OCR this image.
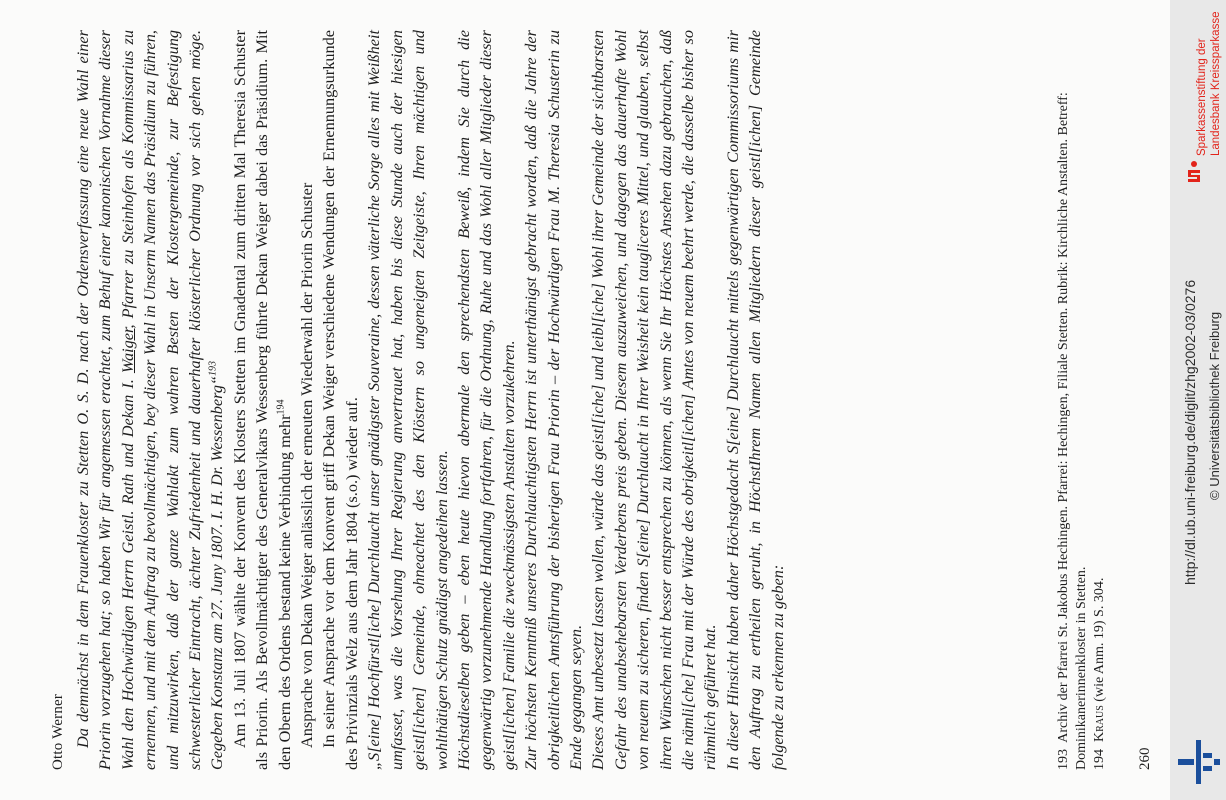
Otto Werner Da demnächst in dem Frauenkloster zu Stetten O. S. D. nach der Ordensverfassung eine neue Wahl einer Priorin vorzugehen hat; so haben Wir für angemessen erachtet, zum Behuf einer kanonischen Vornahme dieser Wahl den Hochwürdigen Herrn Geistl. Rath und Dekan I. Waiger, Pfarrer zu Steinhofen als Kommissarius zu ernennen, und mit dem Auftrag zu bevollmächtigen, bey dieser Wahl in Unserm Namen das Präsidium zu führen, und mitzuwirken, daß der ganze Wahlakt zum wahren Besten der Klostergemeinde, zur Befestigung schwesterlicher Eintracht, ächter Zufriedenheit und dauerhafter klösterlicher Ordnung vor sich gehen möge. Gegeben Konstanz am 27. Juny 1807. I. H. Dr. Wessenberg“$^{193}$ Am 13. Juli 1807 wählte der Konvent des Klosters Stetten im Gnadental zum dritten Mal Theresia Schuster als Priorin. Als Bevollmächtigter des Generalvikars Wessenberg führte Dekan Weiger dabei das Präsidium. Mit den Obern des Ordens bestand keine Verbindung mehr$^{194}$ Ansprache von Dekan Weiger anlässlich der erneuten Wiederwahl der Priorin Schuster In seiner Ansprache vor dem Konvent griff Dekan Weiger verschiedene Wendungen der Ernennungsurkunde des Privinzials Welz aus dem Jahr 1804 (s.o.) wieder auf. „S[eine] Hochfürstl[iche] Durchlaucht unser gnädigster Souveraine, dessen väterliche Sorge alles mit Weißheit umfasset, was die Vorsehung Ihrer Regierung anvertrauet hat, haben bis diese Stunde auch der hiesigen geistl[ichen] Gemeinde, ohneachtet des den Klöstern so ungeneigten Zeitgeiste, Ihren mächtigen und wohlthätigen Schutz gnädigst angedeihen lassen. Höchstdieselben geben – eben heute hievon abermale den sprechendsten Beweiß, indem Sie durch die gegenwärtig vorzunehmende Handlung fortfahren, für die Ordnung, Ruhe und das Wohl aller Mitglieder dieser geistl[ichen] Familie die zweckmässigsten Anstalten vorzukehren. Zur höchsten Kenntniß unseres Durchlauchtigsten Herrn ist unterthänigst gebracht worden, daß die Jahre der obrigkeitlichen Amtsführung der bisherigen Frau Priorin – der Hochwürdigen Frau M. Theresia Schusterin zu Ende gegangen seyen. Dieses Amt unbesetzt lassen wollen, würde das geistl[iche] und leibl[iche] Wohl ihrer Gemeinde der sichtbarsten Gefahr des unabsehebarsten Verderbens preis geben. Diesem auszuweichen, und dagegen das dauerhafte Wohl von neuem zu sicheren, finden S[eine] Durchlaucht in Ihrer Weisheit kein taugliceres Mittel, und glauben, selbst ihren Wünschen nicht besser entsprechen zu können, als wenn Sie Ihr Höchstes Ansehen dazu gebrauchen, daß die nämli[che] Frau mit der Würde des obrigkeitl[ichen] Amtes von neuem beehrt werde, die dasselbe bisher so rühmlich geführet hat. In dieser Hinsicht haben daher Höchstgedacht S[eine] Durchlaucht mittels gegenwärtigen Commissoriums mir den Auftrag zu ertheilen geruht, in HöchstIhrem Namen allen Mitgliedern dieser geistl[ichen] Gemeinde folgende zu erkennen zu geben:	193  Archiv der Pfarrei St. Jakobus Hechingen. Pfarrei: Hechingen, Filiale Stetten. Rubrik: Kirchliche Anstalten. Betreff: Dominikanerinnenkloster in Stetten. 194  Kraus (wie Anm. 19) S. 304.

260
http://dl.ub.uni-freiburg.de/diglit/zhg2002-03/0276 © Universitätsbibliothek Freiburg
Sparkassenstiftung der Landesbank Kreissparkasse
